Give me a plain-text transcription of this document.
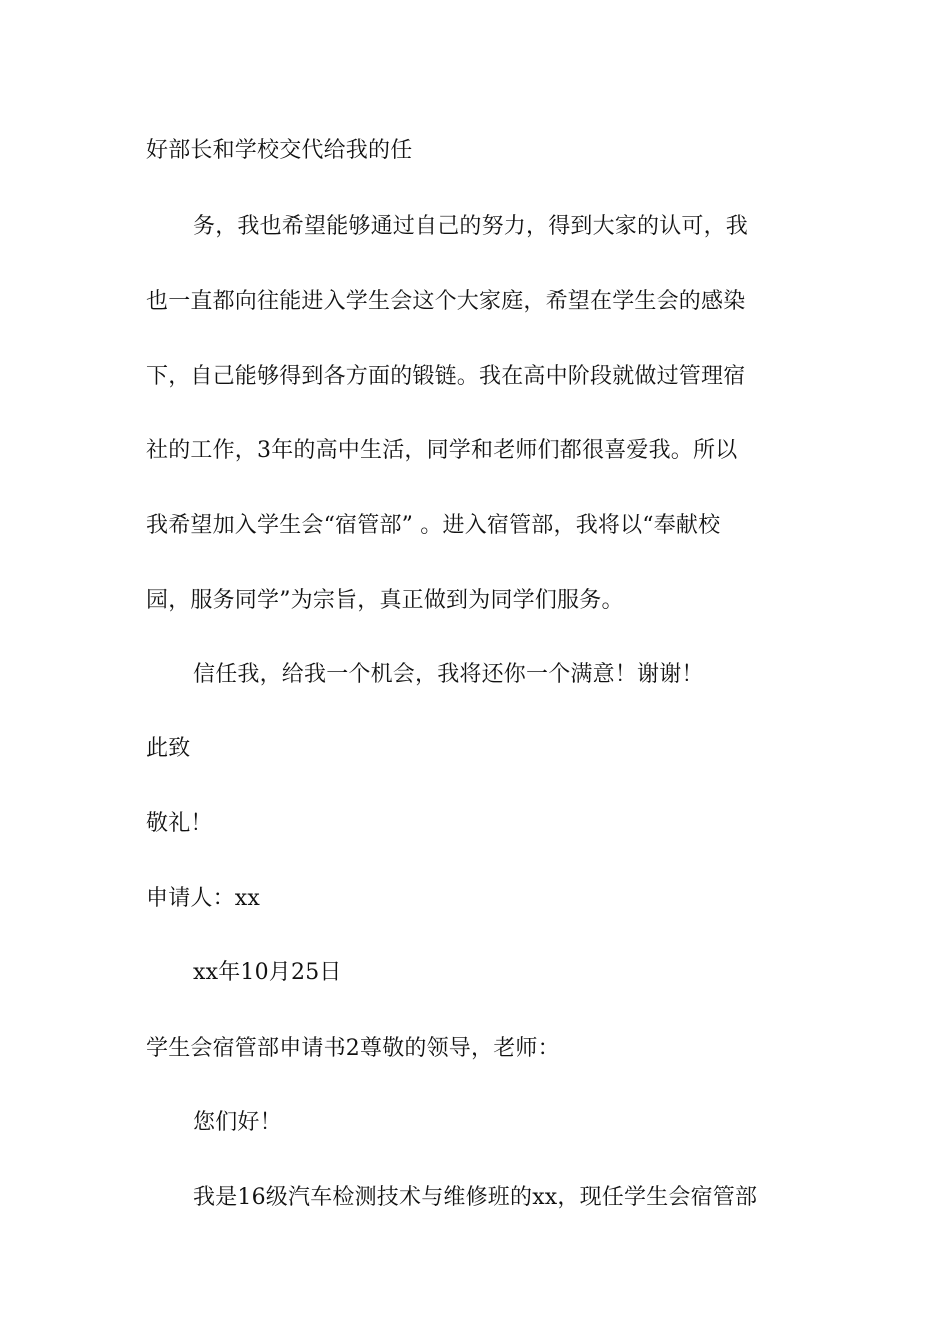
好部长和学校交代给我的任
务，我也希望能够通过自己的努力，得到大家的认可，我
也一直都向往能进入学生会这个大家庭，希望在学生会的感染
下，自己能够得到各方面的锻链。我在高中阶段就做过管理宿
社的工作，3年的高中生活，同学和老师们都很喜爱我。所以
我希望加入学生会“宿管部” 。进入宿管部，我将以“奉献校
园，服务同学”为宗旨，真正做到为同学们服务。
信任我，给我一个机会，我将还你一个满意！谢谢！
此致
敬礼！
申请人：xx
xx年10月25日
学生会宿管部申请书2尊敬的领导，老师：
您们好！
我是16级汽车检测技术与维修班的xx，现任学生会宿管部
